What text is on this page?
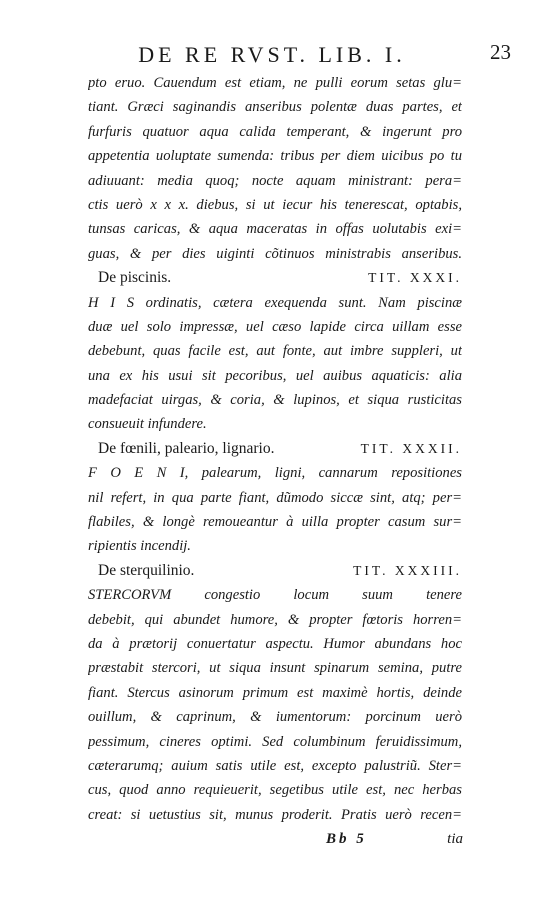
DE RE RVST. LIB. I.	23
pto eruo. Cauendum est etiam, ne pulli eorum setas glu=
tiant. Græci saginandis anseribus polentæ duas partes, et
furfuris quatuor aqua calida temperant, & ingerunt pro
appetentia uoluptate sumenda: tribus per diem uicibus po tu
adiuuant: media quoq; nocte aquam ministrant: pera=
ctis uerò x x x. diebus, si ut iecur his tenerescat, optabis,
tunsas caricas, & aqua maceratas in offas uolutabis exi=
guas, & per dies uiginti cõtinuos ministrabis anseribus.
De piscinis.	TIT. XXXI.
H I S ordinatis, cætera exequenda sunt. Nam piscinæ
duæ uel solo impressæ, uel cæso lapide circa uillam esse
debebunt, quas facile est, aut fonte, aut imbre suppleri, ut
una ex his usui sit pecoribus, uel auibus aquaticis: alia
madefaciat uirgas, & coria, & lupinos, et siqua rusticitas
consueuit infundere.
De fœnili, paleario, lignario.	TIT. XXXII.
F O E N I, palearum, ligni, cannarum repositiones
nil refert, in qua parte fiant, dũmodo siccæ sint, atq; per=
flabiles, & longè remoueantur à uilla propter casum sur=
ripientis incendij.
De sterquilinio.	TIT. XXXIII.
STERCORVM congestio locum suum tenere
debebit, qui abundet humore, & propter fœtoris horren=
da à prætorij conuertatur aspectu. Humor abundans hoc
præstabit stercori, ut siqua insunt spinarum semina, putre
fiant. Stercus asinorum primum est maximè hortis, deinde
ouillum, & caprinum, & iumentorum: porcinum uerò
pessimum, cineres optimi. Sed columbinum feruidissimum,
cæterarumq; auium satis utile est, excepto palustriũ. Ster=
cus, quod anno requieuerit, segetibus utile est, nec herbas
creat: si uetustius sit, munus proderit. Pratis uerò recen=
Bb 5	tia
